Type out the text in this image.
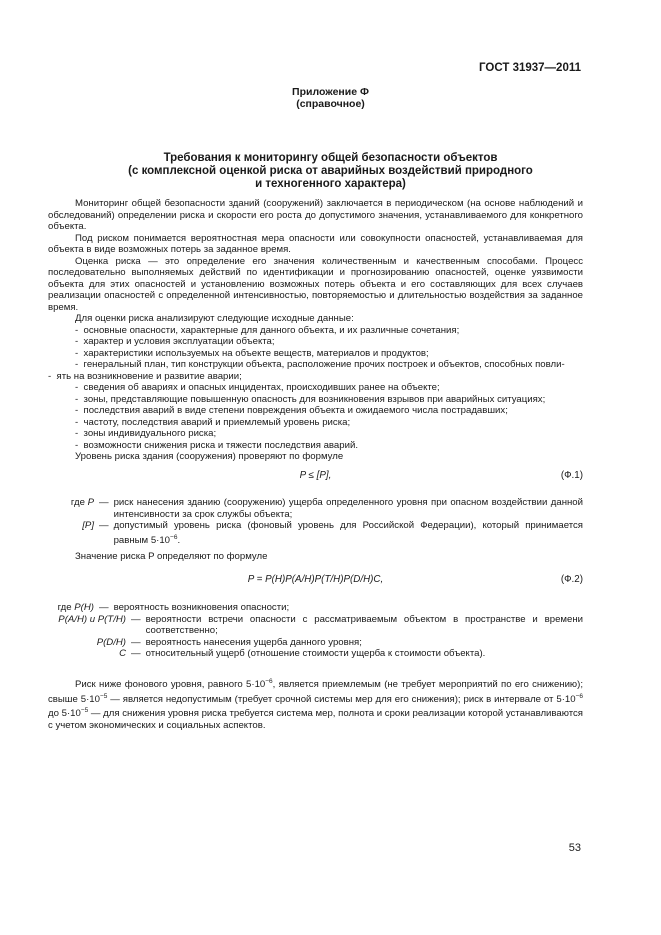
ГОСТ 31937—2011
Приложение Ф
(справочное)
Требования к мониторингу общей безопасности объектов
(с комплексной оценкой риска от аварийных воздействий природного
и техногенного характера)

Мониторинг общей безопасности зданий (сооружений) заключается в периодическом (на основе наблюдений и обследований) определении риска и скорости его роста до допустимого значения, устанавливаемого для конкретного объекта.

Под риском понимается вероятностная мера опасности или совокупности опасностей, устанавливаемая для объекта в виде возможных потерь за заданное время.

Оценка риска — это определение его значения количественным и качественным способами. Процесс последовательно выполняемых действий по идентификации и прогнозированию опасностей, оценке уязвимости объекта для этих опасностей и установлению возможных потерь объекта и его составляющих для всех случаев реализации опасностей с определенной интенсивностью, повторяемостью и длительностью воздействия за заданное время.

Для оценки риска анализируют следующие исходные данные:

-  основные опасности, характерные для данного объекта, и их различные сочетания;

-  характер и условия эксплуатации объекта;

-  характеристики используемых на объекте веществ, материалов и продуктов;

-  генеральный план, тип конструкции объекта, расположение прочих построек и объектов, способных повли-

-  ять на возникновение и развитие аварии;

-  сведения об авариях и опасных инцидентах, происходивших ранее на объекте;

-  зоны, представляющие повышенную опасность для возникновения взрывов при аварийных ситуациях;

-  последствия аварий в виде степени повреждения объекта и ожидаемого числа пострадавших;

-  частоту, последствия аварий и приемлемый уровень риска;

-  зоны индивидуального риска;

-  возможности снижения риска и тяжести последствия аварий.

Уровень риска здания (сооружения) проверяют по формуле

P ≤ [P],	(Ф.1)
где P — риск нанесения зданию (сооружению) ущерба определенного уровня при опасном воздействии данной интенсивности за срок службы объекта;
[P] — допустимый уровень риска (фоновый уровень для Российской Федерации), который принимается равным $5\cdot 10^{-6}$.

Значение риска P определяют по формуле

P = P(H)P(A/H)P(T/H)P(D/H)C,	(Ф.2)
где P(H) — вероятность возникновения опасности;
P(A/H) и P(T/H) — вероятности встречи опасности с рассматриваемым объектом в пространстве и времени соответственно;
P(D/H) — вероятность нанесения ущерба данного уровня;
C — относительный ущерб (отношение стоимости ущерба к стоимости объекта).

Риск ниже фонового уровня, равного $5\cdot 10^{-6}$, является приемлемым (не требует мероприятий по его снижению); свыше $5\cdot 10^{-5}$ — является недопустимым (требует срочной системы мер для его снижения); риск в интервале от $5\cdot 10^{-6}$ до $5\cdot 10^{-5}$ — для снижения уровня риска требуется система мер, полнота и сроки реализации которой устанавливаются с учетом экономических и социальных аспектов.

53
